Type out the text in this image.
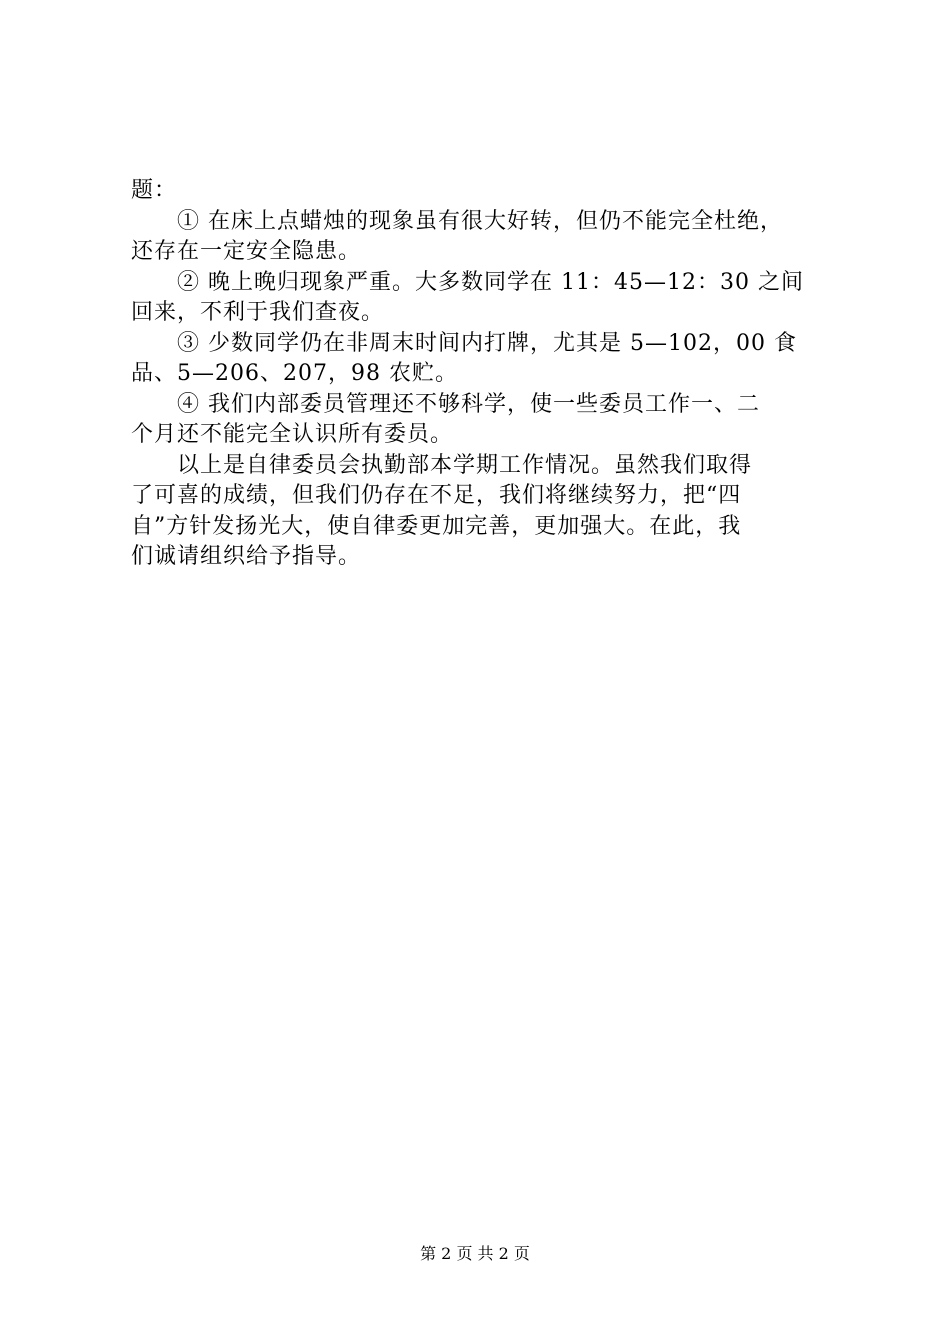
题：
① 在床上点蜡烛的现象虽有很大好转，但仍不能完全杜绝，
还存在一定安全隐患。
② 晚上晚归现象严重。大多数同学在 11：45—12：30 之间
回来，不利于我们查夜。
③ 少数同学仍在非周末时间内打牌，尤其是 5—102，00 食
品、5—206、207，98 农贮。
④ 我们内部委员管理还不够科学，使一些委员工作一、二
个月还不能完全认识所有委员。
以上是自律委员会执勤部本学期工作情况。虽然我们取得
了可喜的成绩，但我们仍存在不足，我们将继续努力，把“四
自”方针发扬光大，使自律委更加完善，更加强大。在此，我
们诚请组织给予指导。
第 2 页 共 2 页
